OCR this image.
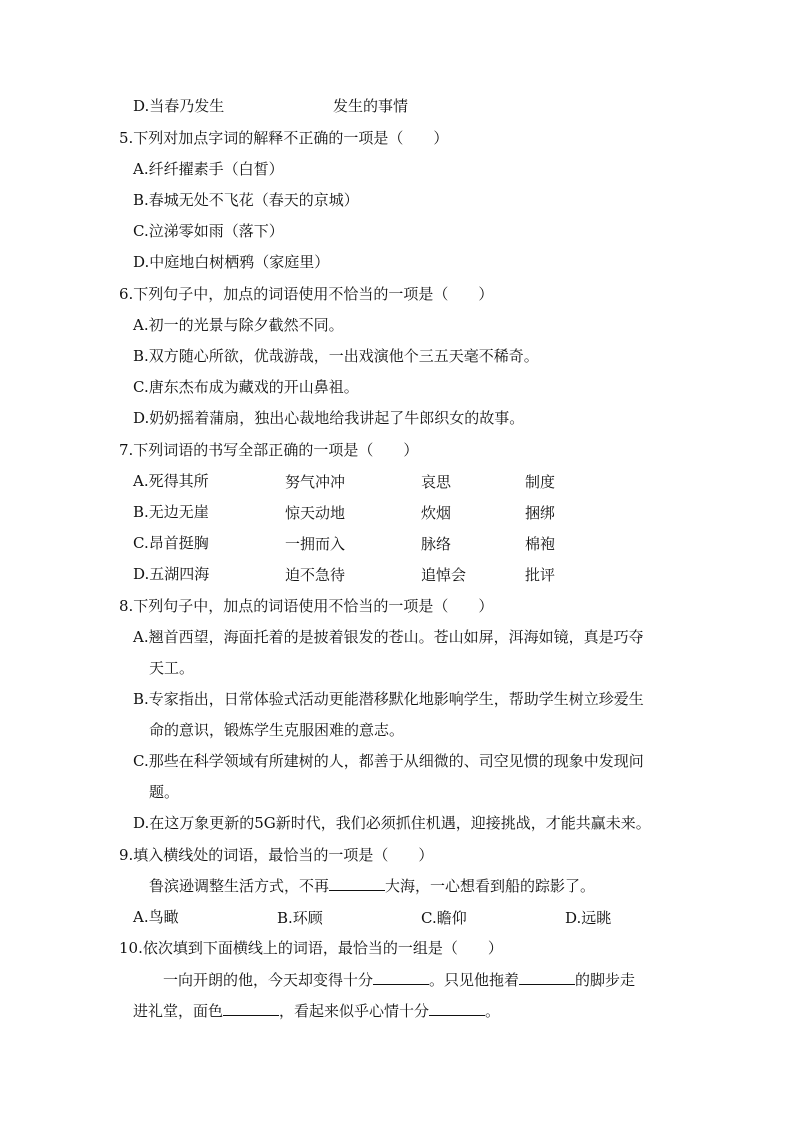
D.当春乃发生	发生的事情
5.下列对加点字词的解释不正确的一项是（　　）
A.纤纤擢素手（白皙）
B.春城无处不飞花（春天的京城）
C.泣涕零如雨（落下）
D.中庭地白树栖鸦（家庭里）
6.下列句子中，加点的词语使用不恰当的一项是（　　）
A.初一的光景与除夕截然不同。
B.双方随心所欲，优哉游哉，一出戏演他个三五天毫不稀奇。
C.唐东杰布成为藏戏的开山鼻祖。
D.奶奶摇着蒲扇，独出心裁地给我讲起了牛郎织女的故事。
7.下列词语的书写全部正确的一项是（　　）
A.死得其所	努气冲冲	哀思	制度
B.无边无崖	惊天动地	炊烟	捆绑
C.昂首挺胸	一拥而入	脉络	棉袍
D.五湖四海	迫不急待	追悼会	批评
8.下列句子中，加点的词语使用不恰当的一项是（　　）
A.翘首西望，海面托着的是披着银发的苍山。苍山如屏，洱海如镜，真是巧夺
天工。
B.专家指出，日常体验式活动更能潜移默化地影响学生，帮助学生树立珍爱生
命的意识，锻炼学生克服困难的意志。
C.那些在科学领域有所建树的人，都善于从细微的、司空见惯的现象中发现问
题。
D.在这万象更新的5G新时代，我们必须抓住机遇，迎接挑战，才能共赢未来。
9.填入横线处的词语，最恰当的一项是（　　）
鲁滨逊调整生活方式，不再	大海，一心想看到船的踪影了。
A.鸟瞰	B.环顾	C.瞻仰	D.远眺
10.依次填到下面横线上的词语，最恰当的一组是（　　）
一向开朗的他，今天却变得十分	。只见他拖着	的脚步走
进礼堂，面色	，看起来似乎心情十分	。
